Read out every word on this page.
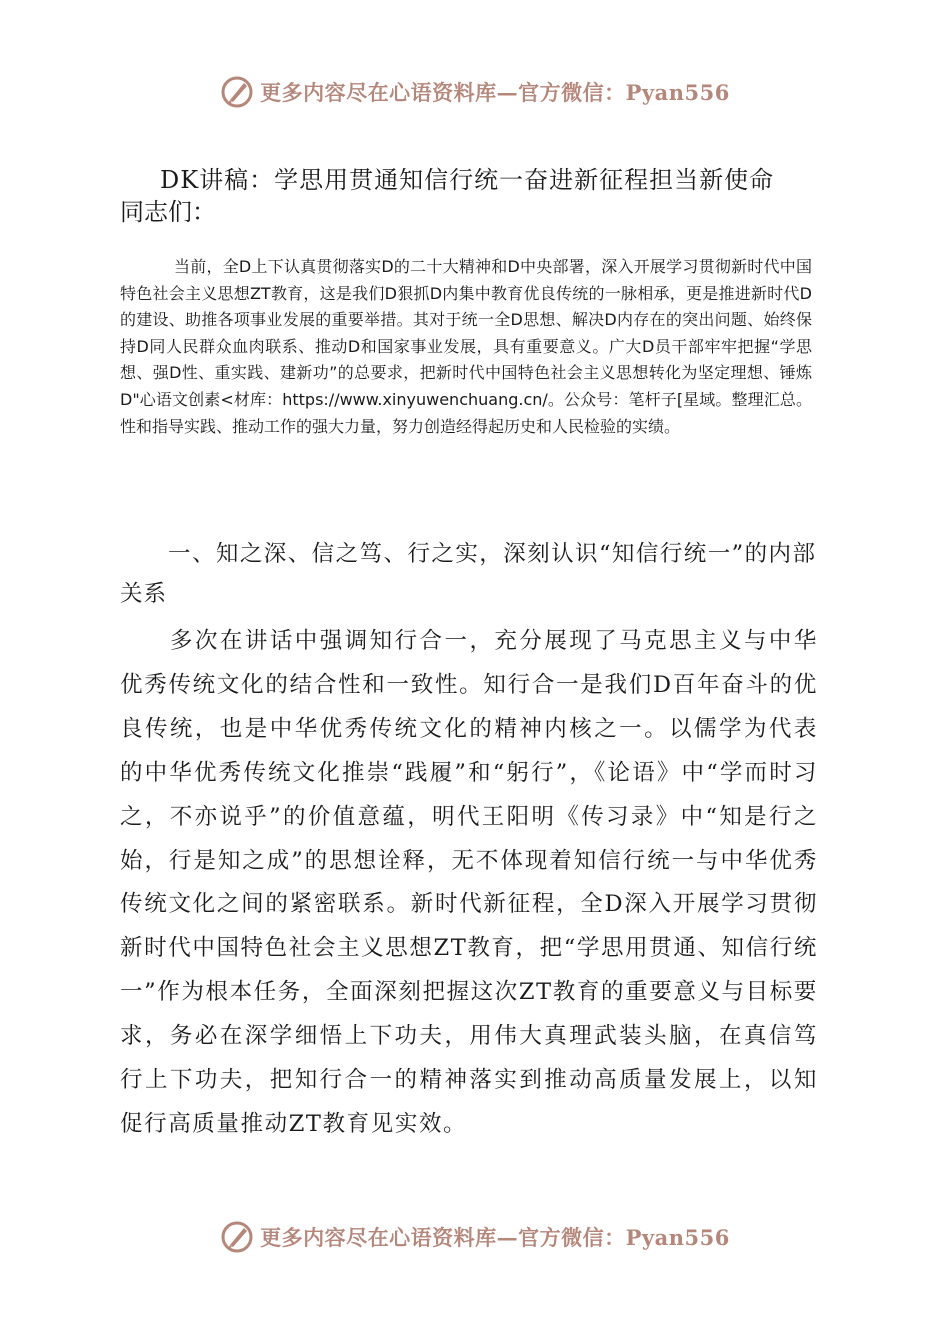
更多内容尽在心语资料库—官方微信：Pyan556
DK讲稿：学思用贯通知信行统一奋进新征程担当新使命
同志们：

当前，全D上下认真贯彻落实D的二十大精神和D中央部署，深入开展学习贯彻新时代中国特色社会主义思想ZT教育，这是我们D狠抓D内集中教育优良传统的一脉相承，更是推进新时代D的建设、助推各项事业发展的重要举措。其对于统一全D思想、解决D内存在的突出问题、始终保持D同人民群众血肉联系、推动D和国家事业发展，具有重要意义。广大D员干部牢牢把握“学思想、强D性、重实践、建新功”的总要求，把新时代中国特色社会主义思想转化为坚定理想、锤炼D"心语文创素<材库：https://www.xinyuwenchuang.cn/。公众号：笔杆子[星域。整理汇总。性和指导实践、推动工作的强大力量，努力创造经得起历史和人民检验的实绩。

一、知之深、信之笃、行之实，深刻认识“知信行统一”的内部关系

多次在讲话中强调知行合一，充分展现了马克思主义与中华优秀传统文化的结合性和一致性。知行合一是我们D百年奋斗的优良传统，也是中华优秀传统文化的精神内核之一。以儒学为代表的中华优秀传统文化推崇“践履”和“躬行”，《论语》中“学而时习之，不亦说乎”的价值意蕴，明代王阳明《传习录》中“知是行之始，行是知之成”的思想诠释，无不体现着知信行统一与中华优秀传统文化之间的紧密联系。新时代新征程，全D深入开展学习贯彻新时代中国特色社会主义思想ZT教育，把“学思用贯通、知信行统一”作为根本任务，全面深刻把握这次ZT教育的重要意义与目标要求，务必在深学细悟上下功夫，用伟大真理武装头脑，在真信笃行上下功夫，把知行合一的精神落实到推动高质量发展上，以知促行高质量推动ZT教育见实效。

更多内容尽在心语资料库—官方微信：Pyan556
